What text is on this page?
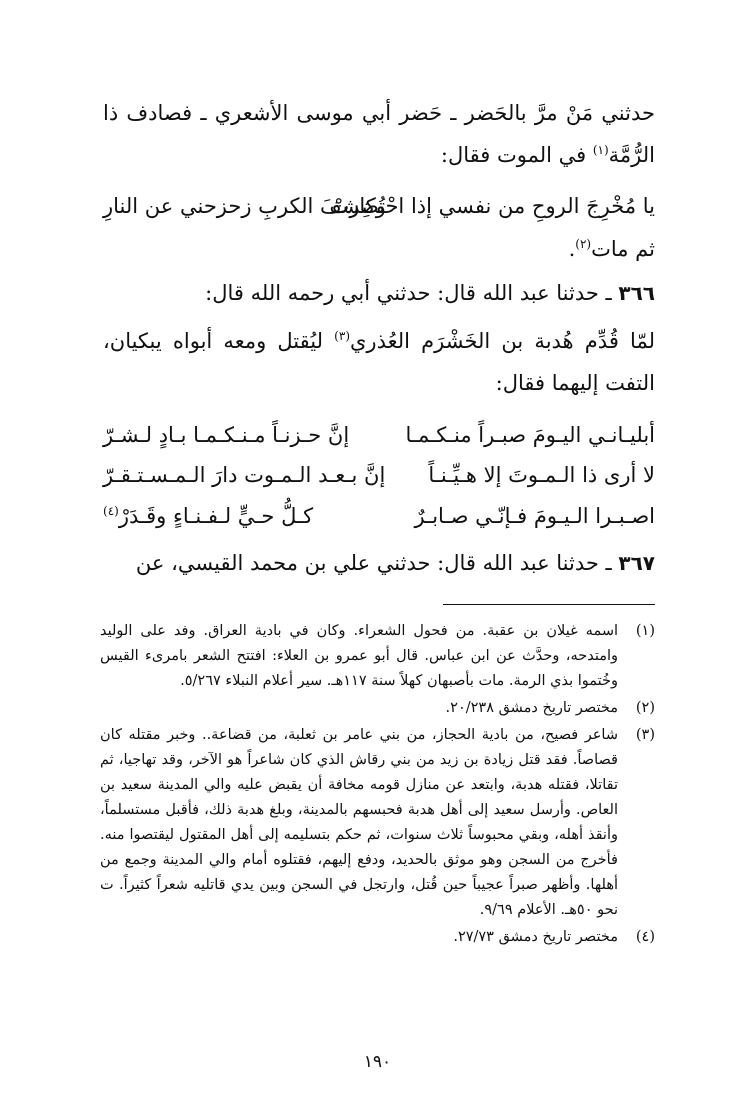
حدثني مَنْ مرَّ بالحَضر ـ حَضر أبي موسى الأشعري ـ فصادف ذا
الرُّمَّة$^{(١)}$ في الموت فقال:
يا مُخْرِجَ الروحِ من نفسي إذا احْتُضِرتْ
وكاشفَ الكربِ زحزحني عن النارِ
ثم مات$^{(٢)}$.
٣٦٦ ـ حدثنا عبد الله قال: حدثني أبي رحمه الله قال:
لمّا قُدِّم هُدبة بن الخَشْرَم العُذري$^{(٣)}$ ليُقتل ومعه أبواه يبكيان،
التفت إليهما فقال:
أبليـانـي اليـومَ صبـراً منـكـمـا
إنَّ حـزنـاً مـنـكـمـا بـادٍ لـشـرّ
لا أرى ذا الـمـوتَ إلا هـيِّـنـاً
إنَّ بـعـد الـمـوت دارَ الـمـسـتـقـرّ
اصـبـرا الـيـومَ فـإنّـي صـابـرٌ
كـلُّ حـيٍّ لـفـنـاءٍ وقَـدَرْ$^{(٤)}$
٣٦٧ ـ حدثنا عبد الله قال: حدثني علي بن محمد القيسي، عن
(١)
اسمه غيلان بن عقبة. من فحول الشعراء. وكان في بادية العراق. وفد على الوليد وامتدحه، وحدَّث عن ابن عباس. قال أبو عمرو بن العلاء: افتتح الشعر بامرىء القيس وخُتموا بذي الرمة. مات بأصبهان كهلاً سنة ١١٧هـ. سير أعلام النبلاء ٥/٢٦٧.
(٢)
مختصر تاريخ دمشق ٢٠/٢٣٨.
(٣)
شاعر فصيح، من بادية الحجاز، من بني عامر بن ثعلبة، من قضاعة.. وخبر مقتله كان قصاصاً. فقد قتل زيادة بن زيد من بني رقاش الذي كان شاعراً هو الآخر، وقد تهاجيا، ثم تقاتلا، فقتله هدبة، وابتعد عن منازل قومه مخافة أن يقبض عليه والي المدينة سعيد بن العاص. وأرسل سعيد إلى أهل هدبة فحبسهم بالمدينة، وبلغ هدبة ذلك، فأقبل مستسلماً، وأنقذ أهله، وبقي محبوساً ثلاث سنوات، ثم حكم بتسليمه إلى أهل المقتول ليقتصوا منه. فأخرج من السجن وهو موثق بالحديد، ودفع إليهم، فقتلوه أمام والي المدينة وجمع من أهلها. وأظهر صبراً عجيباً حين قُتل، وارتجل في السجن وبين يدي قاتليه شعراً كثيراً. ت نحو ٥٠هـ. الأعلام ٩/٦٩.
(٤)
مختصر تاريخ دمشق ٢٧/٧٣.
١٩٠
